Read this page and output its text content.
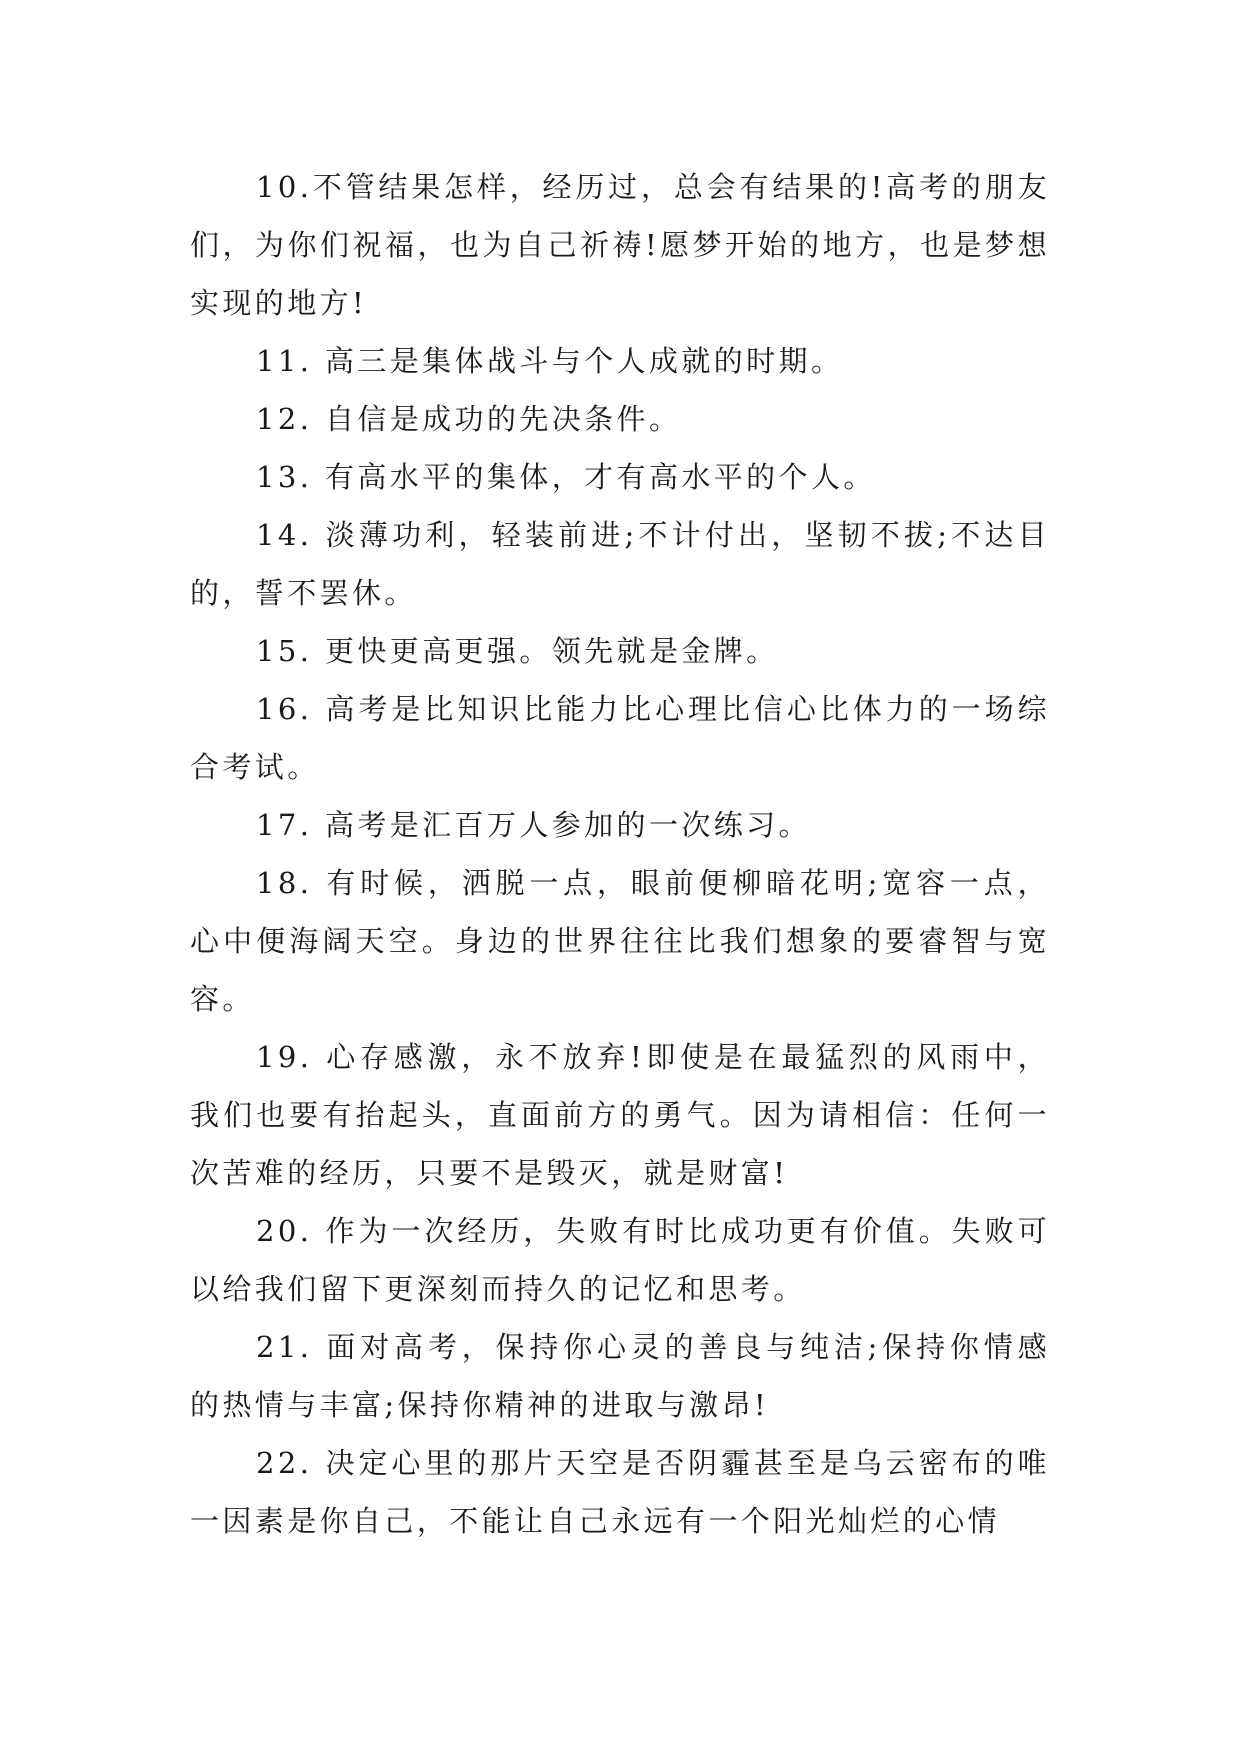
10.不管结果怎样，经历过，总会有结果的!高考的朋友们，为你们祝福，也为自己祈祷!愿梦开始的地方，也是梦想实现的地方!

11. 高三是集体战斗与个人成就的时期。

12. 自信是成功的先决条件。

13. 有高水平的集体，才有高水平的个人。

14. 淡薄功利，轻装前进;不计付出，坚韧不拔;不达目的，誓不罢休。

15. 更快更高更强。领先就是金牌。

16. 高考是比知识比能力比心理比信心比体力的一场综合考试。

17. 高考是汇百万人参加的一次练习。

18. 有时候，洒脱一点，眼前便柳暗花明;宽容一点，心中便海阔天空。身边的世界往往比我们想象的要睿智与宽容。

19. 心存感激，永不放弃!即使是在最猛烈的风雨中，我们也要有抬起头，直面前方的勇气。因为请相信：任何一次苦难的经历，只要不是毁灭，就是财富!

20. 作为一次经历，失败有时比成功更有价值。失败可以给我们留下更深刻而持久的记忆和思考。

21. 面对高考，保持你心灵的善良与纯洁;保持你情感的热情与丰富;保持你精神的进取与激昂!

22. 决定心里的那片天空是否阴霾甚至是乌云密布的唯一因素是你自己，不能让自己永远有一个阳光灿烂的心情
